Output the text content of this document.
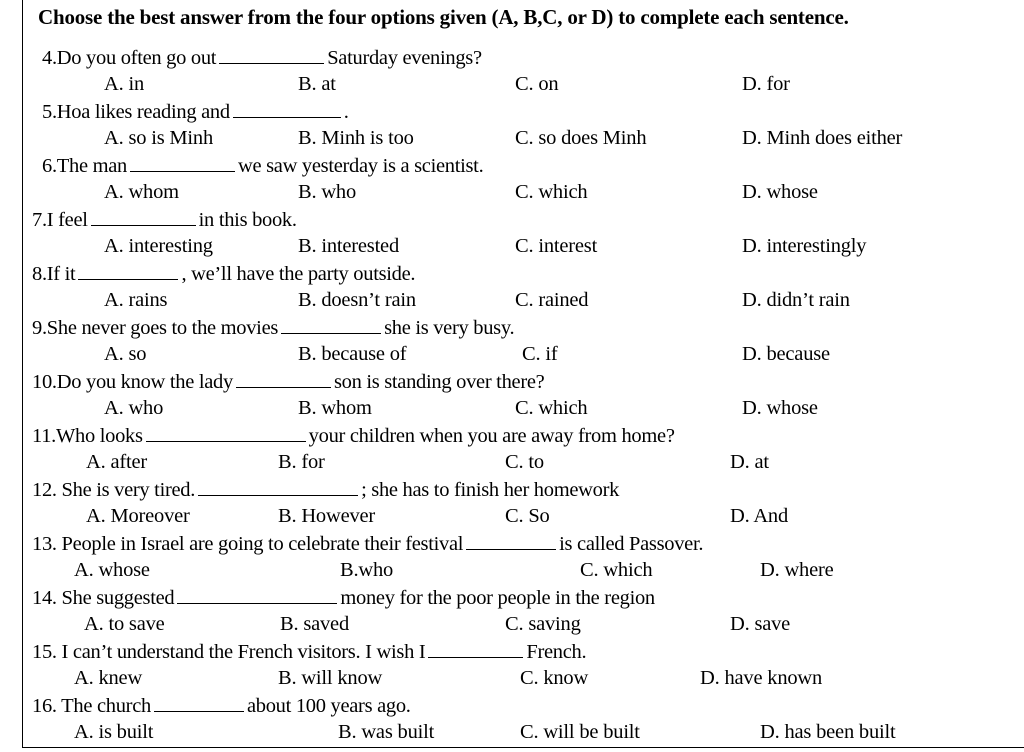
Choose the best answer from the four options given (A, B,C, or D) to complete each sentence.
4.Do you often go out	Saturday evenings?
A. in	B. at	C. on	D. for
5.Hoa likes reading and	.
A. so is Minh	B. Minh is too	C. so does Minh	D. Minh does either
6.The man	we saw yesterday is a scientist.
A. whom	B. who	C. which	D. whose
7.I feel	in this book.
A. interesting	B. interested	C. interest	D. interestingly
8.If it	, we’ll have the party outside.
A. rains	B. doesn’t rain	C. rained	D. didn’t rain
9.She never goes to the movies	she is very busy.
A. so	B. because of	C. if	D. because
10.Do you know the lady	son is standing over there?
A. who	B. whom	C. which	D. whose
11.Who looks	your children when you are away from home?
A. after	B. for	C. to	D. at
12. She is very tired.	; she has to finish her homework
A. Moreover	B. However	C. So	D. And
13. People in Israel are going to celebrate their festival	is called Passover.
A. whose	B.who	C. which	D. where
14. She suggested	money for the poor people in the region
A. to save	B. saved	C. saving	D. save
15. I can’t understand the French visitors. I wish I	French.
A. knew	B. will know	C. know	D. have known
16. The church	about 100 years ago.
A. is built	B. was built	C. will be built	D. has been built
